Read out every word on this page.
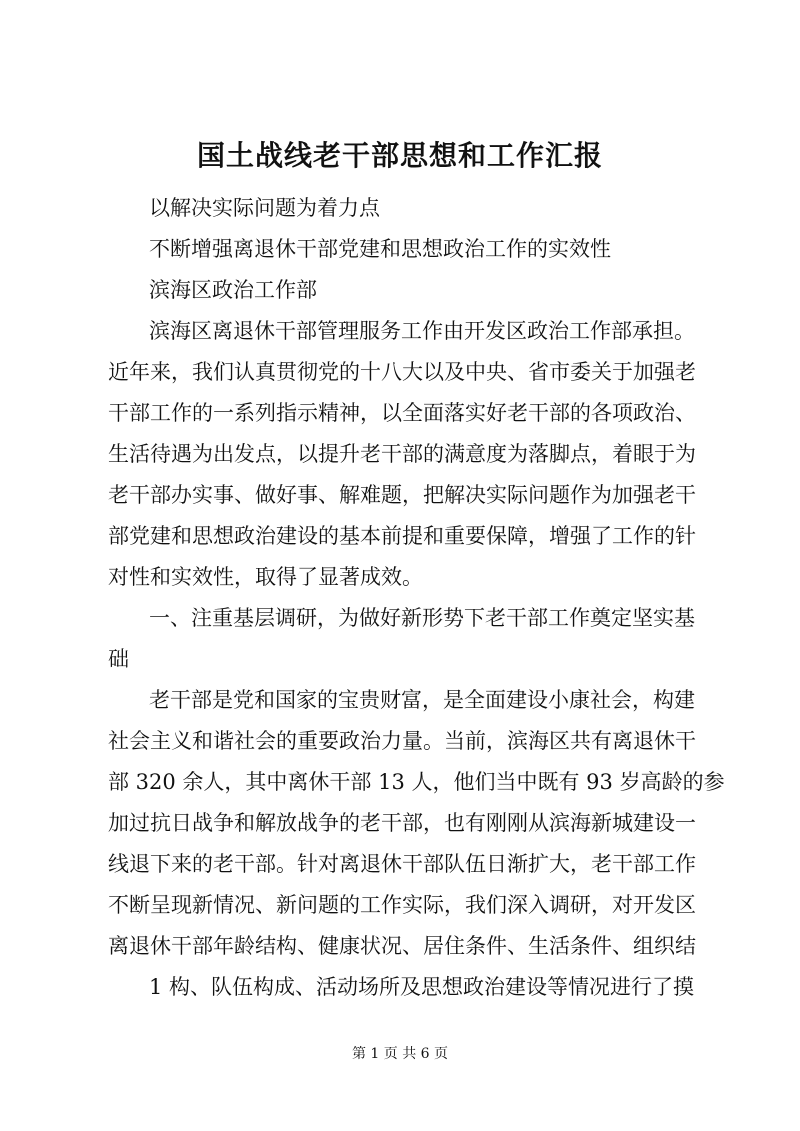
国土战线老干部思想和工作汇报
以解决实际问题为着力点
不断增强离退休干部党建和思想政治工作的实效性
滨海区政治工作部
滨海区离退休干部管理服务工作由开发区政治工作部承担。
近年来，我们认真贯彻党的十八大以及中央、省市委关于加强老
干部工作的一系列指示精神，以全面落实好老干部的各项政治、
生活待遇为出发点，以提升老干部的满意度为落脚点，着眼于为
老干部办实事、做好事、解难题，把解决实际问题作为加强老干
部党建和思想政治建设的基本前提和重要保障，增强了工作的针
对性和实效性，取得了显著成效。
一、注重基层调研，为做好新形势下老干部工作奠定坚实基
础
老干部是党和国家的宝贵财富，是全面建设小康社会，构建
社会主义和谐社会的重要政治力量。当前，滨海区共有离退休干
部 320 余人，其中离休干部 13 人，他们当中既有 93 岁高龄的参
加过抗日战争和解放战争的老干部，也有刚刚从滨海新城建设一
线退下来的老干部。针对离退休干部队伍日渐扩大，老干部工作
不断呈现新情况、新问题的工作实际，我们深入调研，对开发区
离退休干部年龄结构、健康状况、居住条件、生活条件、组织结
1 构、队伍构成、活动场所及思想政治建设等情况进行了摸
第 1 页 共 6 页
